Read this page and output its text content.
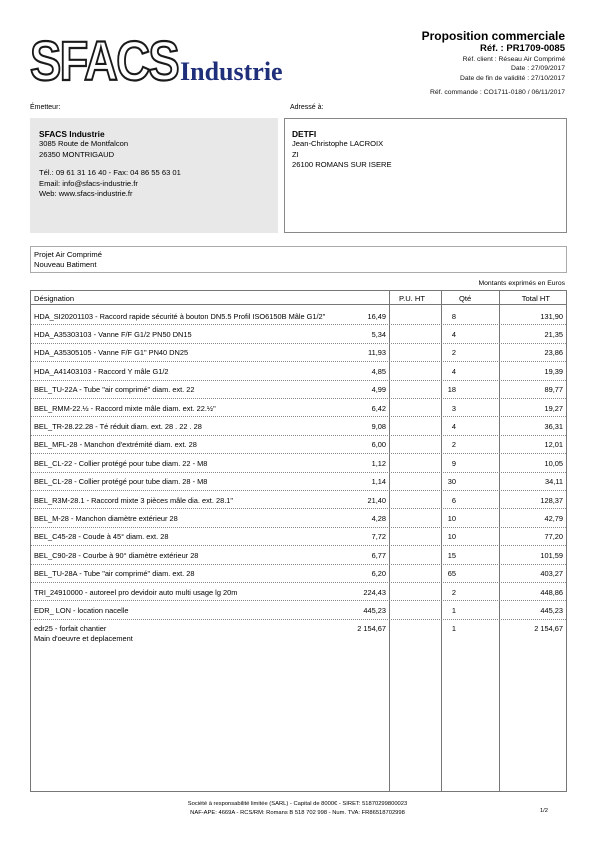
SFACS Industrie
Proposition commerciale
Réf. : PR1709-0085
Réf. client : Réseau Air Comprimé
Date : 27/09/2017
Date de fin de validité : 27/10/2017
Réf. commande : CO1711-0180 / 06/11/2017
Émetteur:	Adressé à:
SFACS Industrie
3085 Route de Montfalcon
26350 MONTRIGAUD
Tél.: 09 61 31 16 40 - Fax: 04 86 55 63 01
Email: info@sfacs-industrie.fr
Web: www.sfacs-industrie.fr
DETFI
Jean-Christophe LACROIX
ZI
26100 ROMANS SUR ISERE
Projet Air Comprimé
Nouveau Batiment
Montants exprimés en Euros
Désignation	P.U. HT	Qté	Total HT
HDA_SI20201103 - Raccord rapide sécurité à bouton DN5.5 Profil ISO6150B Mâle G1/2"	16,49	8	131,90
HDA_A35303103 - Vanne F/F G1/2 PN50 DN15	5,34	4	21,35
HDA_A35305105 - Vanne F/F G1" PN40 DN25	11,93	2	23,86
HDA_A41403103 - Raccord Y mâle G1/2	4,85	4	19,39
BEL_TU-22A - Tube "air comprimé" diam. ext. 22	4,99	18	89,77
BEL_RMM-22.½ - Raccord mixte mâle diam. ext. 22.½"	6,42	3	19,27
BEL_TR-28.22.28 - Té réduit diam. ext. 28 . 22 . 28	9,08	4	36,31
BEL_MFL-28 - Manchon d'extrémité diam. ext. 28	6,00	2	12,01
BEL_CL-22 - Collier protégé pour tube diam. 22 - M8	1,12	9	10,05
BEL_CL-28 - Collier protégé pour tube diam. 28 - M8	1,14	30	34,11
BEL_R3M-28.1 - Raccord mixte 3 pièces mâle dia. ext. 28.1"	21,40	6	128,37
BEL_M-28 - Manchon diamètre extérieur 28	4,28	10	42,79
BEL_C45-28 - Coude à 45° diam. ext. 28	7,72	10	77,20
BEL_C90-28 - Courbe à 90° diamètre extérieur 28	6,77	15	101,59
BEL_TU-28A - Tube "air comprimé" diam. ext. 28	6,20	65	403,27
TRI_24910000 - autoreel pro devidoir auto multi usage lg 20m	224,43	2	448,86
EDR_ LON - location nacelle	445,23	1	445,23
edr25 - forfait chantier
Main d'oeuvre et deplacement
2 154,67	1	2 154,67
Société à responsabilité limitée (SARL) - Capital de 8000€ - SIRET: 51870299800023
NAF-APE: 4669A - RCS/RM: Romans B 518 702 998 - Num. TVA: FR86518702998	1/2
